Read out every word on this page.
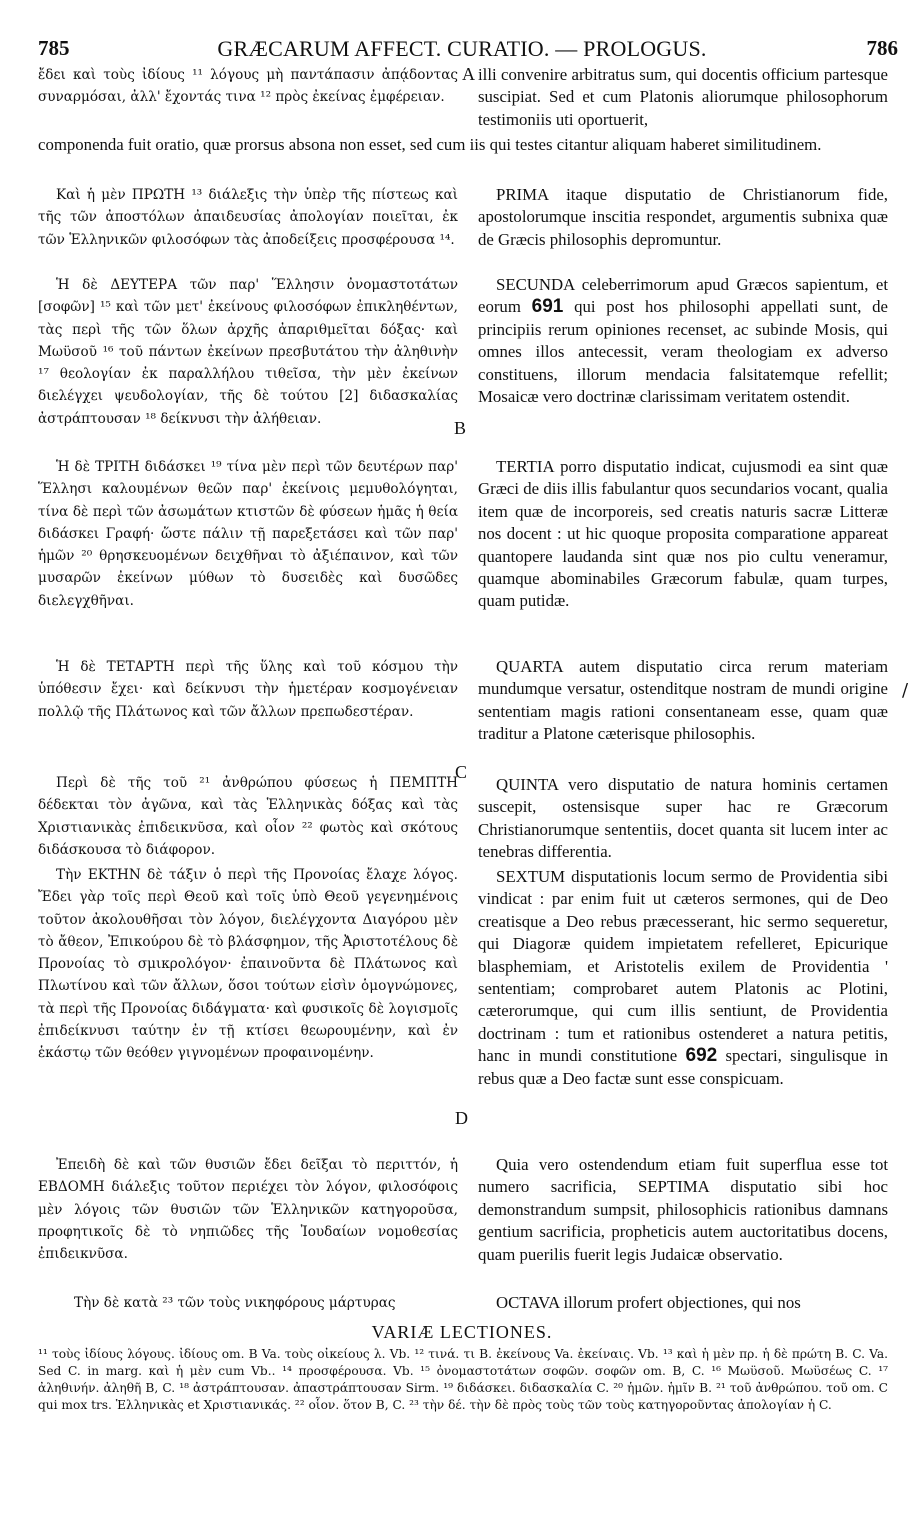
785	GRÆCARUM AFFECT. CURATIO. — PROLOGUS.	786

ἔδει καὶ τοὺς ἰδίους ¹¹ λόγους μὴ παντάπασιν ἀπᾴδοντας συναρμόσαι, ἀλλ' ἔχοντάς τινα ¹² πρὸς ἐκείνας ἐμφέρειαν.

A illi convenire arbitratus sum, qui docentis officium partesque suscipiat. Sed et cum Platonis aliorumque philosophorum testimoniis uti oportuerit,

componenda fuit oratio, quæ prorsus absona non esset, sed cum iis qui testes citantur aliquam haberet similitudinem.

Καὶ ἡ μὲν ΠΡΩΤΗ ¹³ διάλεξις τὴν ὑπὲρ τῆς πίστεως καὶ τῆς τῶν ἀποστόλων ἀπαιδευσίας ἀπολογίαν ποιεῖται, ἐκ τῶν Ἑλληνικῶν φιλοσόφων τὰς ἀποδείξεις προσφέρουσα ¹⁴.

PRIMA itaque disputatio de Christianorum fide, apostolorumque inscitia respondet, argumentis subnixa quæ de Græcis philosophis depromuntur.

Ἡ δὲ ΔΕΥΤΕΡΑ τῶν παρ' Ἕλλησιν ὀνομαστοτάτων [σοφῶν] ¹⁵ καὶ τῶν μετ' ἐκείνους φιλοσόφων ἐπικληθέντων, τὰς περὶ τῆς τῶν ὅλων ἀρχῆς ἀπαριθμεῖται δόξας· καὶ Μωϋσοῦ ¹⁶ τοῦ πάντων ἐκείνων πρεσβυτάτου τὴν ἀληθινὴν ¹⁷ θεολογίαν ἐκ παραλλήλου τιθεῖσα, τὴν μὲν ἐκείνων διελέγχει ψευδολογίαν, τῆς δὲ τούτου [2] διδασκαλίας ἀστράπτουσαν ¹⁸ δείκνυσι τὴν ἀλήθειαν.	B

SECUNDA celeberrimorum apud Græcos sapientum, et eorum 691 qui post hos philosophi appellati sunt, de principiis rerum opiniones recenset, ac subinde Mosis, qui omnes illos antecessit, veram theologiam ex adverso constituens, illorum mendacia falsitatemque refellit; Mosaicæ vero doctrinæ clarissimam veritatem ostendit.

Ἡ δὲ ΤΡΙΤΗ διδάσκει ¹⁹ τίνα μὲν περὶ τῶν δευτέρων παρ' Ἕλλησι καλουμένων θεῶν παρ' ἐκείνοις μεμυθολόγηται, τίνα δὲ περὶ τῶν ἀσωμάτων κτιστῶν δὲ φύσεων ἡμᾶς ἡ θεία διδάσκει Γραφή· ὥστε πάλιν τῇ παρεξετάσει καὶ τῶν παρ' ἡμῶν ²⁰ θρησκευομένων δειχθῆναι τὸ ἀξιέπαινον, καὶ τῶν μυσαρῶν ἐκείνων μύθων τὸ δυσειδὲς καὶ δυσῶδες διελεγχθῆναι.

TERTIA porro disputatio indicat, cujusmodi ea sint quæ Græci de diis illis fabulantur quos secundarios vocant, qualia item quæ de incorporeis, sed creatis naturis sacræ Litteræ nos docent : ut hic quoque proposita comparatione appareat quantopere laudanda sint quæ nos pio cultu veneramur, quamque abominabiles Græcorum fabulæ, quam turpes, quam putidæ.

Ἡ δὲ ΤΕΤΑΡΤΗ περὶ τῆς ὕλης καὶ τοῦ κόσμου τὴν ὑπόθεσιν ἔχει· καὶ δείκνυσι τὴν ἡμετέραν κοσμογένειαν πολλῷ τῆς Πλάτωνος καὶ τῶν ἄλλων πρεπωδεστέραν.

QUARTA autem disputatio circa rerum materiam mundumque versatur, ostenditque nostram de mundi origine sententiam magis rationi consentaneam esse, quam quæ traditur a Platone cæterisque philosophis.

/

Περὶ δὲ τῆς τοῦ ²¹ ἀνθρώπου φύσεως ἡ ΠΕΜΠΤΗ δέδεκται τὸν ἀγῶνα, καὶ τὰς Ἑλληνικὰς δόξας καὶ τὰς Χριστιανικὰς ἐπιδεικνῦσα, καὶ οἷον ²² φωτὸς καὶ σκότους διδάσκουσα τὸ διάφορον.

C

QUINTA vero disputatio de natura hominis certamen suscepit, ostensisque super hac re Græcorum Christianorumque sententiis, docet quanta sit lucem inter ac tenebras differentia.

Τὴν ΕΚΤΗΝ δὲ τάξιν ὁ περὶ τῆς Προνοίας ἔλαχε λόγος. Ἔδει γὰρ τοῖς περὶ Θεοῦ καὶ τοῖς ὑπὸ Θεοῦ γεγενημένοις τοῦτον ἀκολουθῆσαι τὸν λόγον, διελέγχοντα Διαγόρου μὲν τὸ ἄθεον, Ἐπικούρου δὲ τὸ βλάσφημον, τῆς Ἀριστοτέλους δὲ Προνοίας τὸ σμικρολόγον· ἐπαινοῦντα δὲ Πλάτωνος καὶ Πλωτίνου καὶ τῶν ἄλλων, ὅσοι τούτων εἰσὶν ὁμογνώμονες, τὰ περὶ τῆς Προνοίας διδάγματα· καὶ φυσικοῖς δὲ λογισμοῖς ἐπιδείκνυσι ταύτην ἐν τῇ κτίσει θεωρουμένην, καὶ ἐν ἑκάστῳ τῶν θεόθεν γιγνομένων προφαινομένην.

D

SEXTUM disputationis locum sermo de Providentia sibi vindicat : par enim fuit ut cæteros sermones, qui de Deo creatisque a Deo rebus præcesserant, hic sermo sequeretur, qui Diagoræ quidem impietatem refelleret, Epicurique blasphemiam, et Aristotelis exilem de Providentia ' sententiam; comprobaret autem Platonis ac Plotini, cæterorumque, qui cum illis sentiunt, de Providentia doctrinam : tum et rationibus ostenderet a natura petitis, hanc in mundi constitutione 692 spectari, singulisque in rebus quæ a Deo factæ sunt esse conspicuam.

Ἐπειδὴ δὲ καὶ τῶν θυσιῶν ἔδει δεῖξαι τὸ περιττόν, ἡ ΕΒΔΟΜΗ διάλεξις τοῦτον περιέχει τὸν λόγον, φιλοσόφοις μὲν λόγοις τῶν θυσιῶν τῶν Ἑλληνικῶν κατηγοροῦσα, προφητικοῖς δὲ τὸ νηπιῶδες τῆς Ἰουδαίων νομοθεσίας ἐπιδεικνῦσα.

Quia vero ostendendum etiam fuit superflua esse tot numero sacrificia, SEPTIMA disputatio sibi hoc demonstrandum sumpsit, philosophicis rationibus damnans gentium sacrificia, propheticis autem auctoritatibus docens, quam puerilis fuerit legis Judaicæ observatio.

Τὴν δὲ κατὰ ²³ τῶν τοὺς νικηφόρους μάρτυρας	OCTAVA illorum profert objectiones, qui nos

VARIÆ LECTIONES.
¹¹ τοὺς ἰδίους λόγους. ἰδίους om. B Va. τοὺς οἰκείους λ. Vb. ¹² τινά. τι B. ἐκείνους Va. ἐκείναις. Vb. ¹³ καὶ ἡ μὲν πρ. ἡ δὲ πρώτη B. C. Va. Sed C. in marg. καὶ ἡ μὲν cum Vb.. ¹⁴ προσφέρουσα. Vb. ¹⁵ ὀνομαστοτάτων σοφῶν. σοφῶν om. B, C. ¹⁶ Μωϋσοῦ. Μωϋσέως C. ¹⁷ ἀληθινήν. ἀληθῆ B, C. ¹⁸ ἀστράπτουσαν. ἀπαστράπτουσαν Sirm. ¹⁹ διδάσκει. διδασκαλία C. ²⁰ ἡμῶν. ἡμῖν B. ²¹ τοῦ ἀνθρώπου. τοῦ om. C qui mox trs. Ἑλληνικὰς et Χριστιανικάς. ²² οἷον. ὅτον B, C. ²³ τὴν δέ. τὴν δὲ πρὸς τοὺς τῶν τοὺς κατηγοροῦντας ἀπολογίαν ἡ C.
